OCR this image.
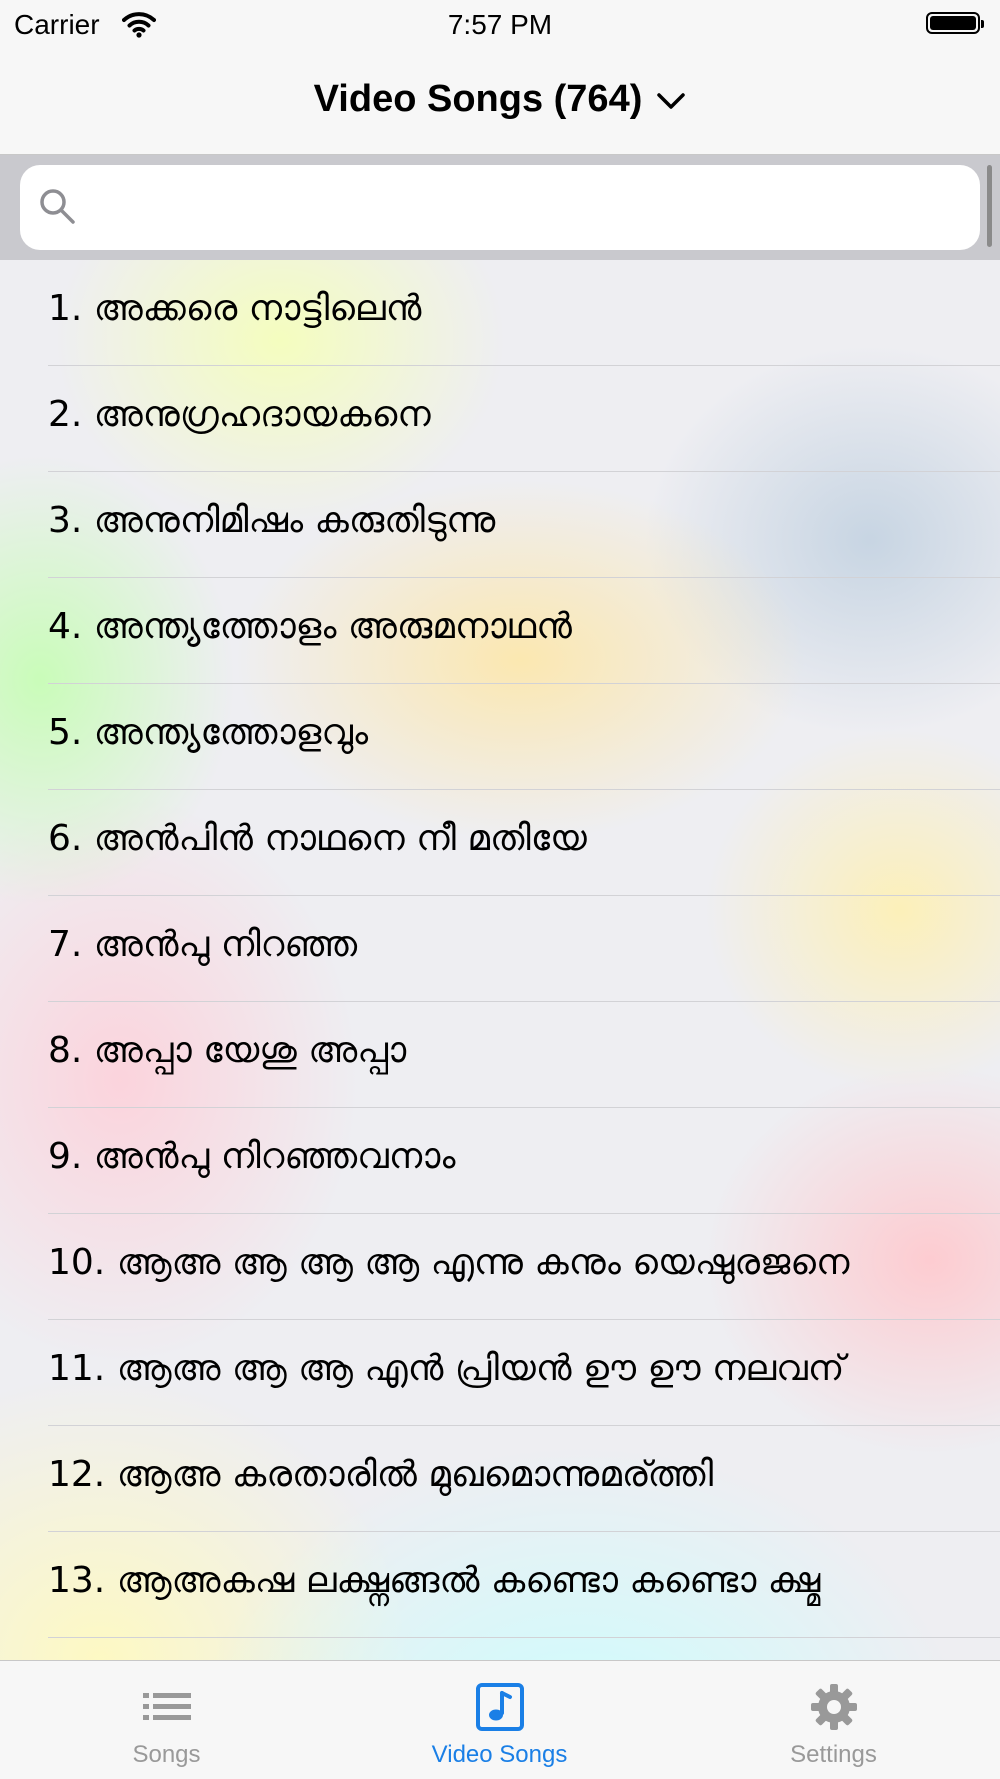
Carrier	7:57 PM
Video Songs (764)
1. അക്കരെ നാട്ടിലെൻ
2. അനുഗ്രഹദായകനെ
3. അനുനിമിഷം കരുതിടുന്നു
4. അന്ത്യത്തോളം അരുമനാഥൻ
5. അന്ത്യത്തോളവും
6. അൻപിൻ നാഥനെ നീ മതിയേ
7. അൻപു നിറഞ്ഞ
8. അപ്പാ യേശു അപ്പാ
9. അൻപു നിറഞ്ഞവനാം
10. ആഅ ആ ആ ആ എന്നു കനും യെഷുരജനെ
11. ആഅ ആ ആ എൻ പ്രിയൻ ഊ ഊ നലവന്
12. ആഅ കരതാരിൽ മുഖമൊന്നുമര്ത്തി
13. ആഅകഷ ലക്ഷ്നങ്ങൽ കണ്ടൊ കണ്ടൊ ക്ഷ്മ
Songs	Video Songs	Settings
